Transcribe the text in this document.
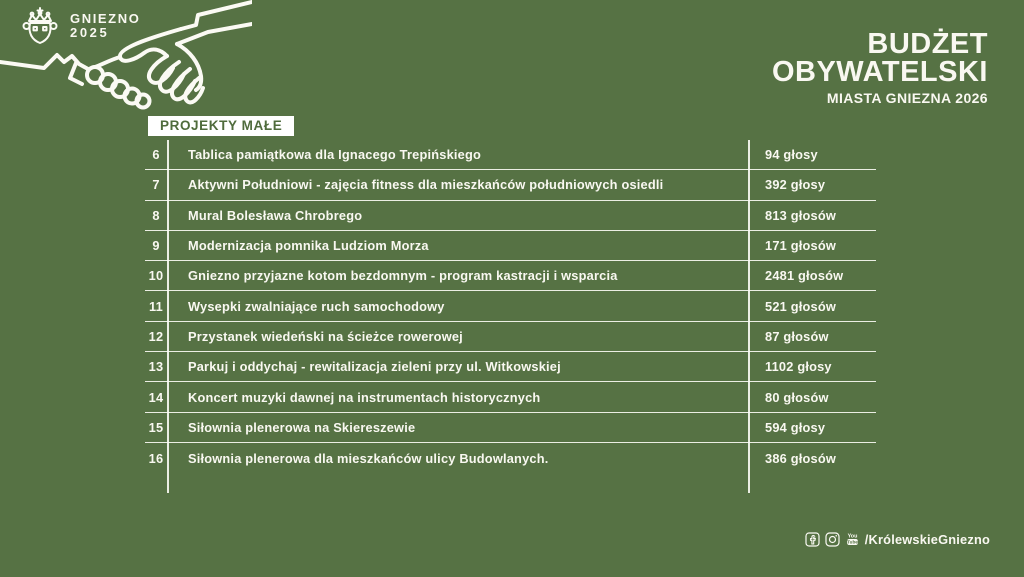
GNIEZNO
2025	BUDŻET
OBYWATELSKI
MIASTA GNIEZNA 2026
PROJEKTY MAŁE
6	Tablica pamiątkowa dla Ignacego Trepińskiego	94 głosy
7	Aktywni Południowi - zajęcia fitness dla mieszkańców południowych osiedli	392 głosy
8	Mural Bolesława Chrobrego	813 głosów
9	Modernizacja pomnika Ludziom Morza	171 głosów
10	Gniezno przyjazne kotom bezdomnym - program kastracji i wsparcia	2481 głosów
11	Wysepki zwalniające ruch samochodowy	521 głosów
12	Przystanek wiedeński na ścieżce rowerowej	87 głosów
13	Parkuj i oddychaj - rewitalizacja zieleni przy ul. Witkowskiej	1102 głosy
14	Koncert muzyki dawnej na instrumentach historycznych	80 głosów
15	Siłownia plenerowa na Skiereszewie	594 głosy
16	Siłownia plenerowa dla mieszkańców ulicy Budowlanych.	386 głosów
You
Tube /KrólewskieGniezno
